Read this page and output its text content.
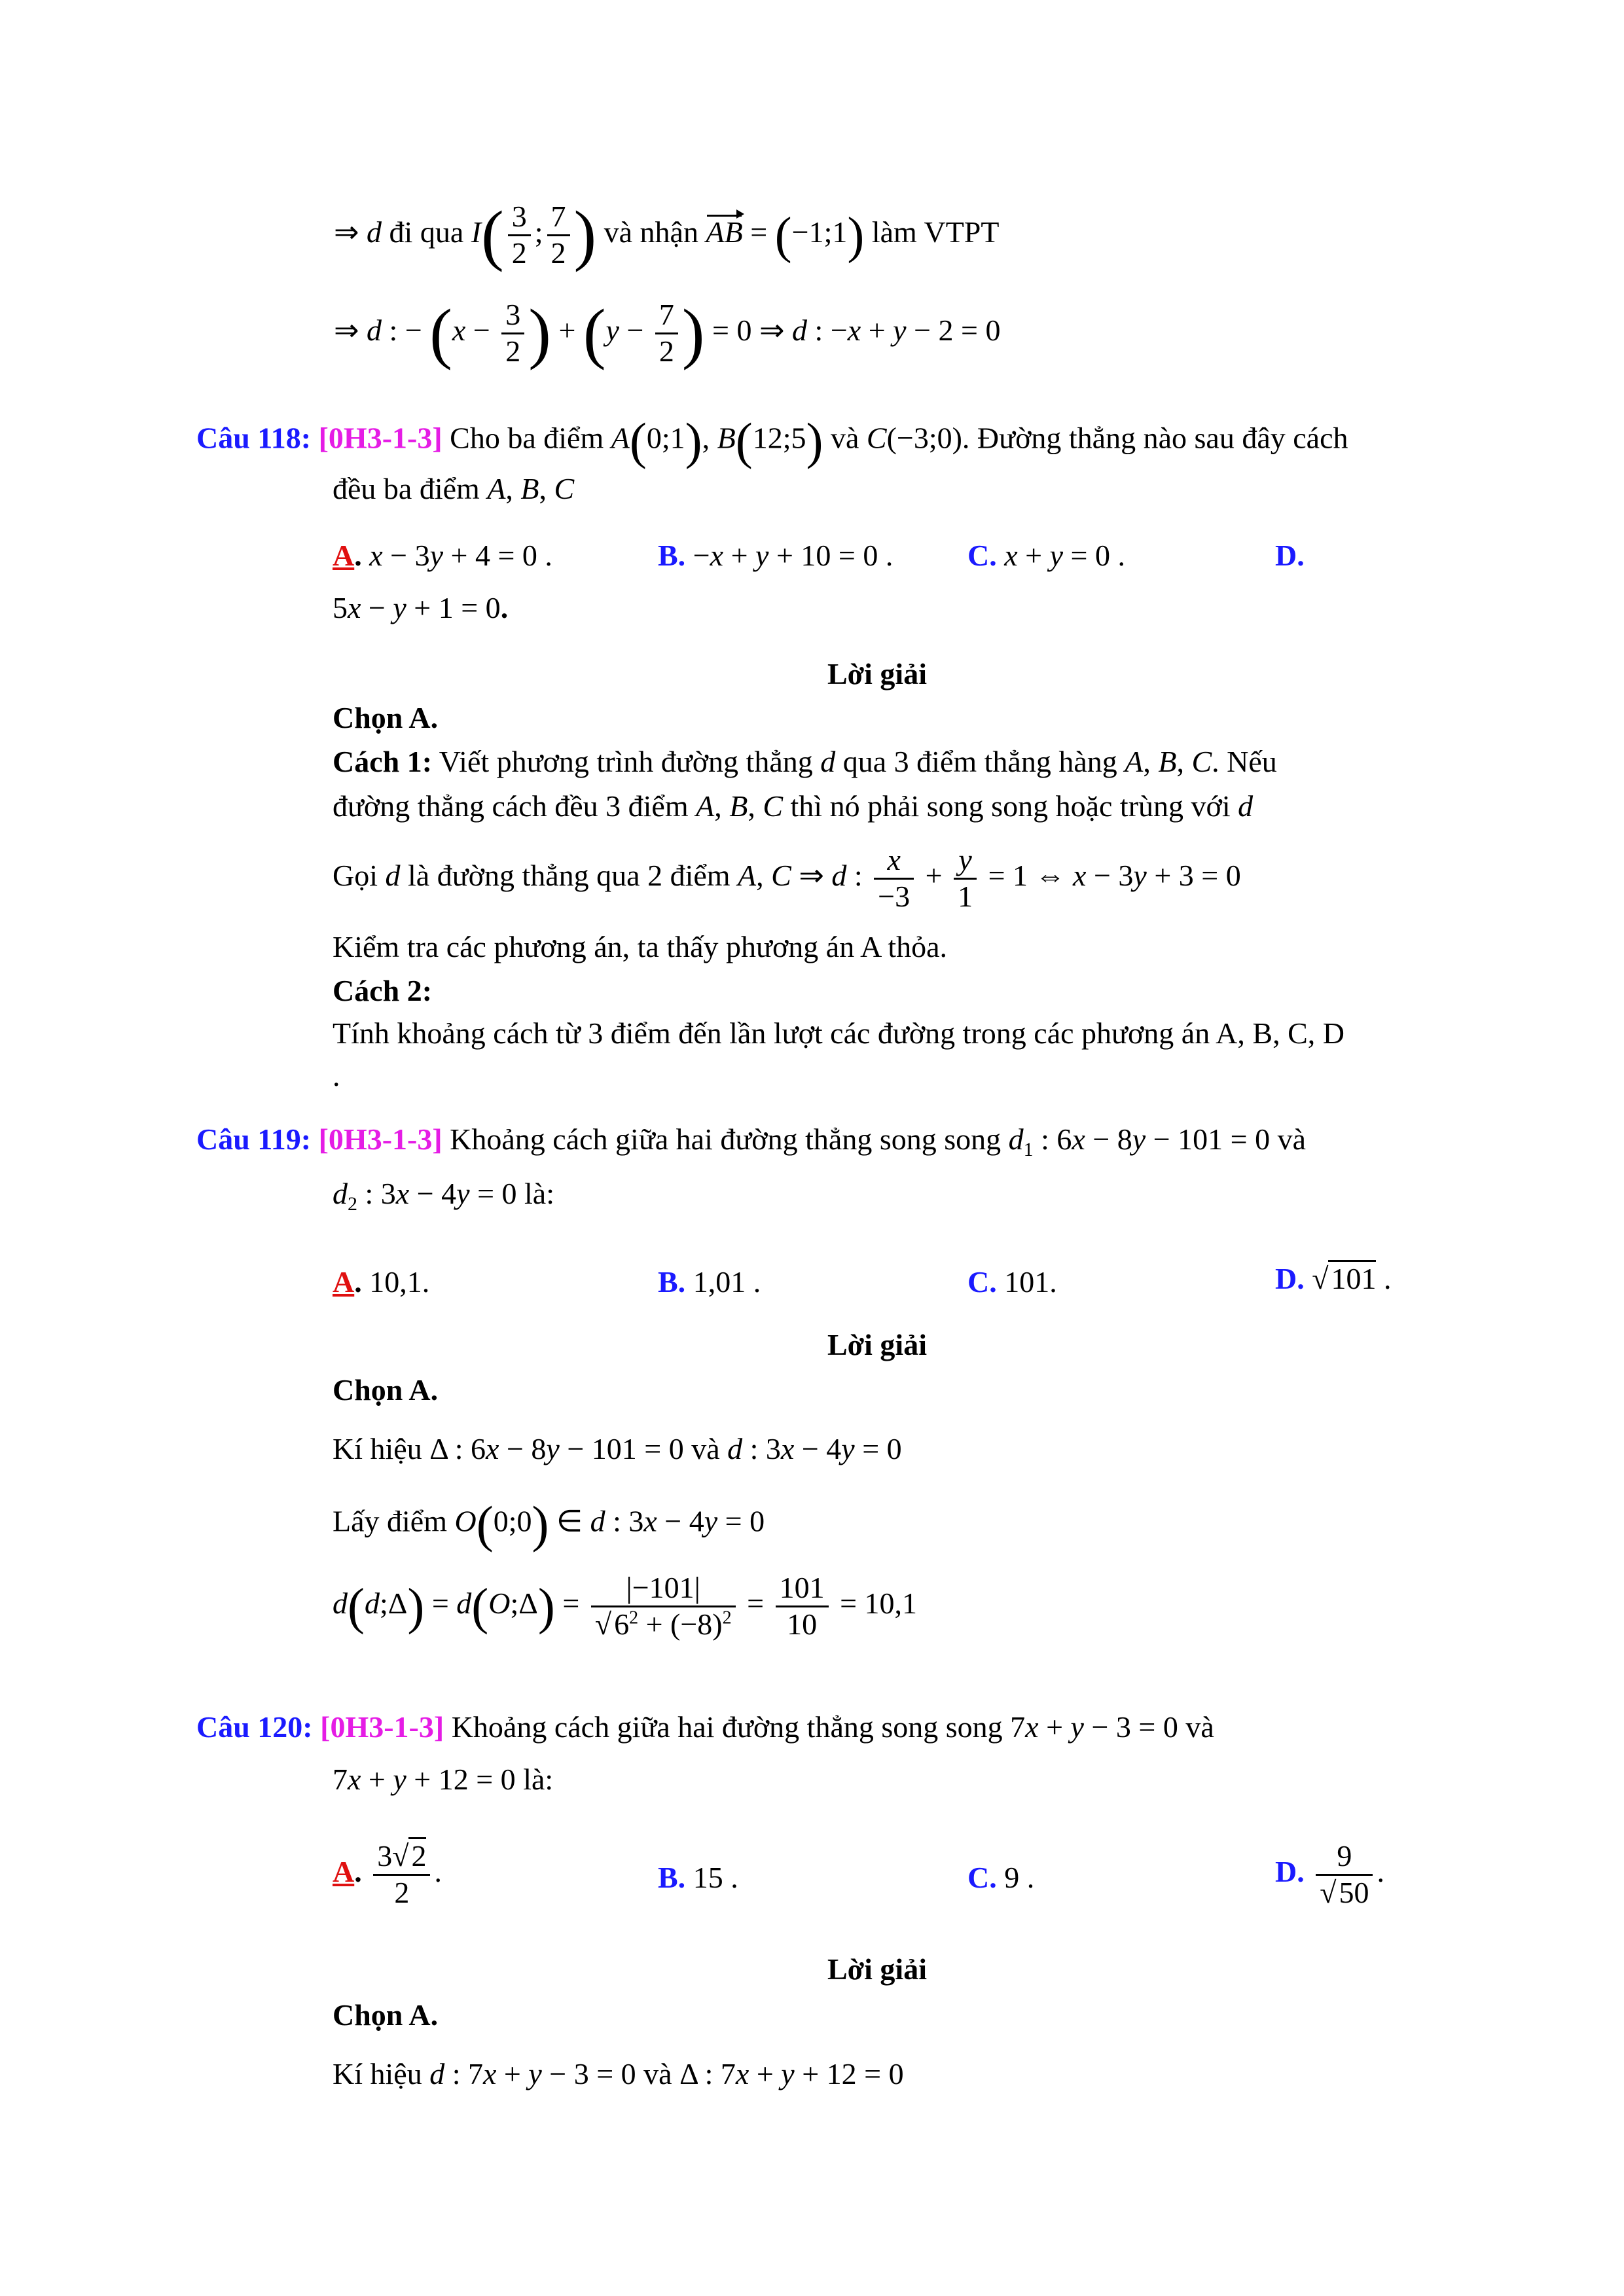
⇒ d đi qua $I( \frac{3}{2}$ ; $\frac{7}{2}$ ) và nhận AB = (−1;1) làm VTPT
⇒ d : − ($x - \frac{3}{2}$ ) + ($y - \frac{7}{2}$ ) = 0 ⇒ d : −x + y − 2 = 0
Câu 118: [0H3-1-3] Cho ba điểm A(0;1), B(12;5) và C(−3;0). Đường thẳng nào sau đây cách
đều ba điểm A, B, C
A. x − 3y + 4 = 0 .	B. −x + y + 10 = 0 . C. x + y = 0 .	D.
5x − y + 1 = 0.
Lời giải
Chọn A.
Cách 1: Viết phương trình đường thẳng d qua 3 điểm thẳng hàng A, B, C. Nếu
đường thẳng cách đều 3 điểm A, B, C thì nó phải song song hoặc trùng với d
Gọi d là đường thẳng qua 2 điểm A, C ⇒ d : $\frac{x}{-3} + \frac{y}{1} = 1$ ⇔ x − 3y + 3 = 0
Kiểm tra các phương án, ta thấy phương án A thỏa.
Cách 2:
Tính khoảng cách từ 3 điểm đến lần lượt các đường trong các phương án A, B, C, D
.
Câu 119: [0H3-1-3] Khoảng cách giữa hai đường thẳng song song $d_1$ : 6x − 8y − 101 = 0 và
$d_2$ : 3x − 4y = 0 là:
A. 10,1.	B. 1,01 .	C. 101.	D. √101 .
Lời giải
Chọn A.
Kí hiệu Δ : 6x − 8y − 101 = 0 và d : 3x − 4y = 0
Lấy điểm O(0;0) ∈ d : 3x − 4y = 0
d(d;Δ) = d(O;Δ) = $\frac{|-101|}{√6^2 + (-8)^2} = \frac{101}{10} = 10,1$
Câu 120: [0H3-1-3] Khoảng cách giữa hai đường thẳng song song 7x + y − 3 = 0 và
7x + y + 12 = 0 là:
A. $\frac{3√2}{2}$ .	B. 15 .	C. 9 .	D. $\frac{9}{√50}$ .
Lời giải
Chọn A.
Kí hiệu d : 7x + y − 3 = 0 và Δ : 7x + y + 12 = 0
